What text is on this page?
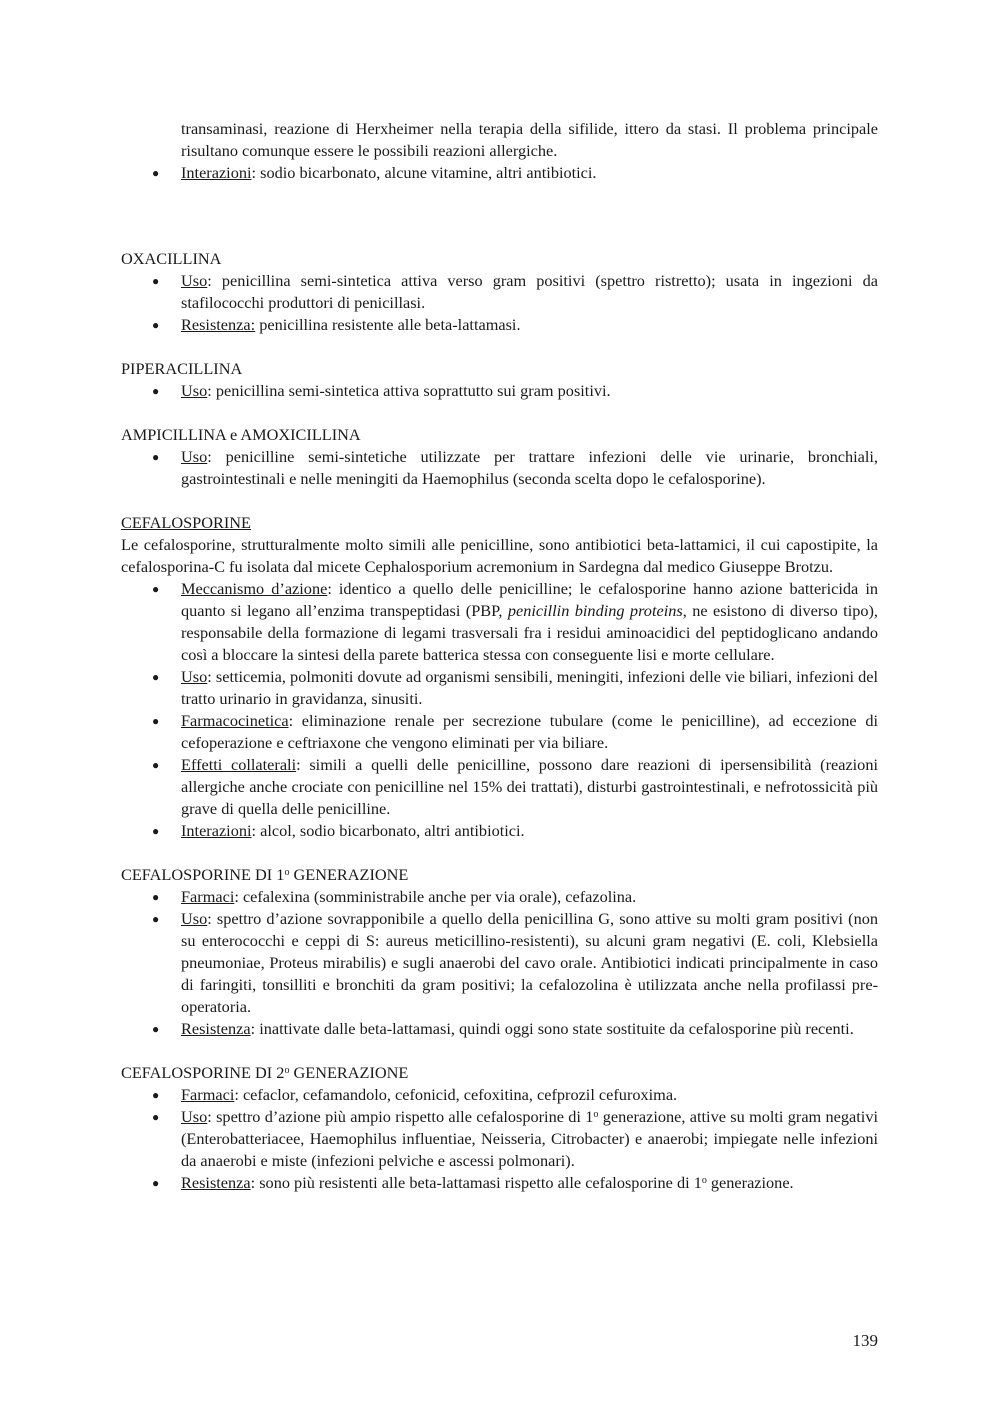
transaminasi, reazione di Herxheimer nella terapia della sifilide, ittero da stasi. Il problema principale risultano comunque essere le possibili reazioni allergiche.

● Interazioni: sodio bicarbonato, alcune vitamine, altri antibiotici.

OXACILLINA

● Uso: penicillina semi-sintetica attiva verso gram positivi (spettro ristretto); usata in ingezioni da stafilococchi produttori di penicillasi.
● Resistenza: penicillina resistente alle beta-lattamasi.

PIPERACILLINA

● Uso: penicillina semi-sintetica attiva soprattutto sui gram positivi.

AMPICILLINA e AMOXICILLINA

● Uso: penicilline semi-sintetiche utilizzate per trattare infezioni delle vie urinarie, bronchiali, gastrointestinali e nelle meningiti da Haemophilus (seconda scelta dopo le cefalosporine).

CEFALOSPORINE

Le cefalosporine, strutturalmente molto simili alle penicilline, sono antibiotici beta-lattamici, il cui capostipite, la cefalosporina-C fu isolata dal micete Cephalosporium acremonium in Sardegna dal medico Giuseppe Brotzu.

● Meccanismo d’azione: identico a quello delle penicilline; le cefalosporine hanno azione battericida in quanto si legano all’enzima transpeptidasi (PBP, penicillin binding proteins, ne esistono di diverso tipo), responsabile della formazione di legami trasversali fra i residui aminoacidici del peptidoglicano andando così a bloccare la sintesi della parete batterica stessa con conseguente lisi e morte cellulare.
● Uso: setticemia, polmoniti dovute ad organismi sensibili, meningiti, infezioni delle vie biliari, infezioni del tratto urinario in gravidanza, sinusiti.
● Farmacocinetica: eliminazione renale per secrezione tubulare (come le penicilline), ad eccezione di cefoperazione e ceftriaxone che vengono eliminati per via biliare.
● Effetti collaterali: simili a quelli delle penicilline, possono dare reazioni di ipersensibilità (reazioni allergiche anche crociate con penicilline nel 15% dei trattati), disturbi gastrointestinali, e nefrotossicità più grave di quella delle penicilline.
● Interazioni: alcol, sodio bicarbonato, altri antibiotici.

CEFALOSPORINE DI 1$^o$ GENERAZIONE

● Farmaci: cefalexina (somministrabile anche per via orale), cefazolina.
● Uso: spettro d’azione sovrapponibile a quello della penicillina G, sono attive su molti gram positivi (non su enterococchi e ceppi di S: aureus meticillino-resistenti), su alcuni gram negativi (E. coli, Klebsiella pneumoniae, Proteus mirabilis) e sugli anaerobi del cavo orale. Antibiotici indicati principalmente in caso di faringiti, tonsilliti e bronchiti da gram positivi; la cefalozolina è utilizzata anche nella profilassi pre-operatoria.
● Resistenza: inattivate dalle beta-lattamasi, quindi oggi sono state sostituite da cefalosporine più recenti.

CEFALOSPORINE DI 2$^o$ GENERAZIONE

● Farmaci: cefaclor, cefamandolo, cefonicid, cefoxitina, cefprozil cefuroxima.
● Uso: spettro d’azione più ampio rispetto alle cefalosporine di 1$^o$ generazione, attive su molti gram negativi (Enterobatteriacee, Haemophilus influentiae, Neisseria, Citrobacter) e anaerobi; impiegate nelle infezioni da anaerobi e miste (infezioni pelviche e ascessi polmonari).
● Resistenza: sono più resistenti alle beta-lattamasi rispetto alle cefalosporine di 1$^o$ generazione.
139
